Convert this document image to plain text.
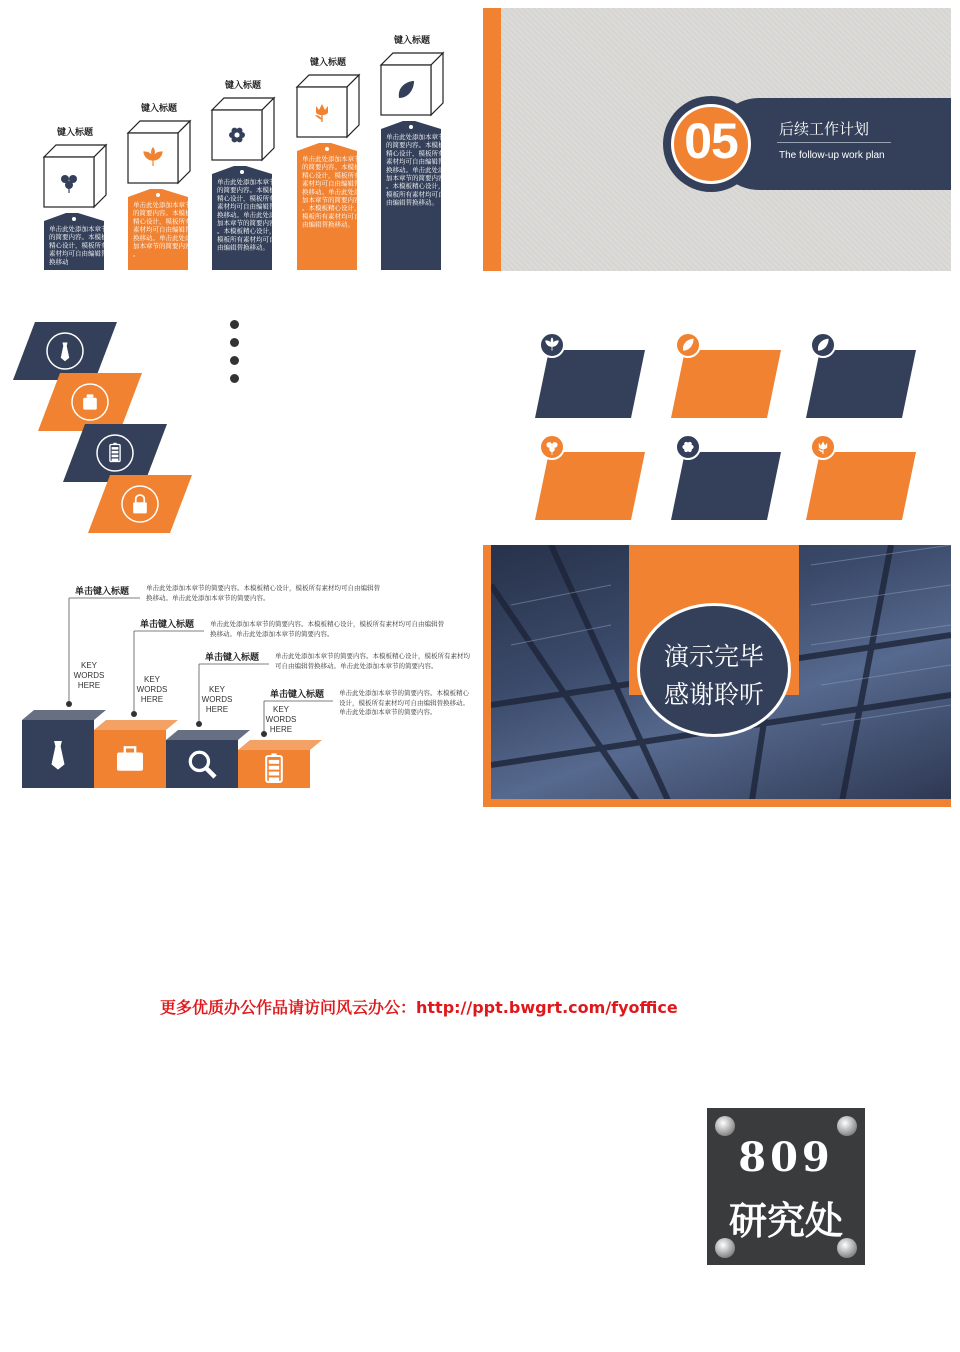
键入标题
单击此处添加本章节的简要内容。本模板精心设计，模板所有素材均可自由编辑替换移动
键入标题
单击此处添加本章节的简要内容。本模板精心设计，模板所有素材均可自由编辑替换移动。单击此处添加本章节的简要内容。
键入标题
单击此处添加本章节的简要内容。本模板精心设计，模板所有素材均可自由编辑替换移动。单击此处添加本章节的简要内容。本模板精心设计，模板所有素材均可自由编辑替换移动。
键入标题
单击此处添加本章节的简要内容。本模板精心设计，模板所有素材均可自由编辑替换移动。单击此处添加本章节的简要内容。本模板精心设计，模板所有素材均可自由编辑替换移动。
键入标题
单击此处添加本章节的简要内容。本模板精心设计，模板所有素材均可自由编辑替换移动。单击此处添加本章节的简要内容。本模板精心设计，模板所有素材均可自由编辑替换移动。
05	后续工作计划
The follow-up work plan
单击键入标题	单击此处添加本章节的简要内容。本模板精心设计，模板所有素材均可自由编辑替换移动。单击此处添加本章节的简要内容。
KEY
WORDS
HERE
单击键入标题 单击此处添加本章节的简要内容。本模板精心设计，模板所有素材均可自由编辑替换移动。单击此处添加本章节的简要内容。
KEY
WORDS
HERE
单击键入标题 单击此处添加本章节的简要内容。本模板精心设计，模板所有素材均可自由编辑替换移动。单击此处添加本章节的简要内容。
KEY
WORDS
HERE
单击键入标题 单击此处添加本章节的简要内容。本模板精心设计，模板所有素材均可自由编辑替换移动。单击此处添加本章节的简要内容。
KEY
WORDS
HERE
演示完毕
感谢聆听
更多优质办公作品请访问风云办公：http://ppt.bwgrt.com/fyoffice
809
研究处
